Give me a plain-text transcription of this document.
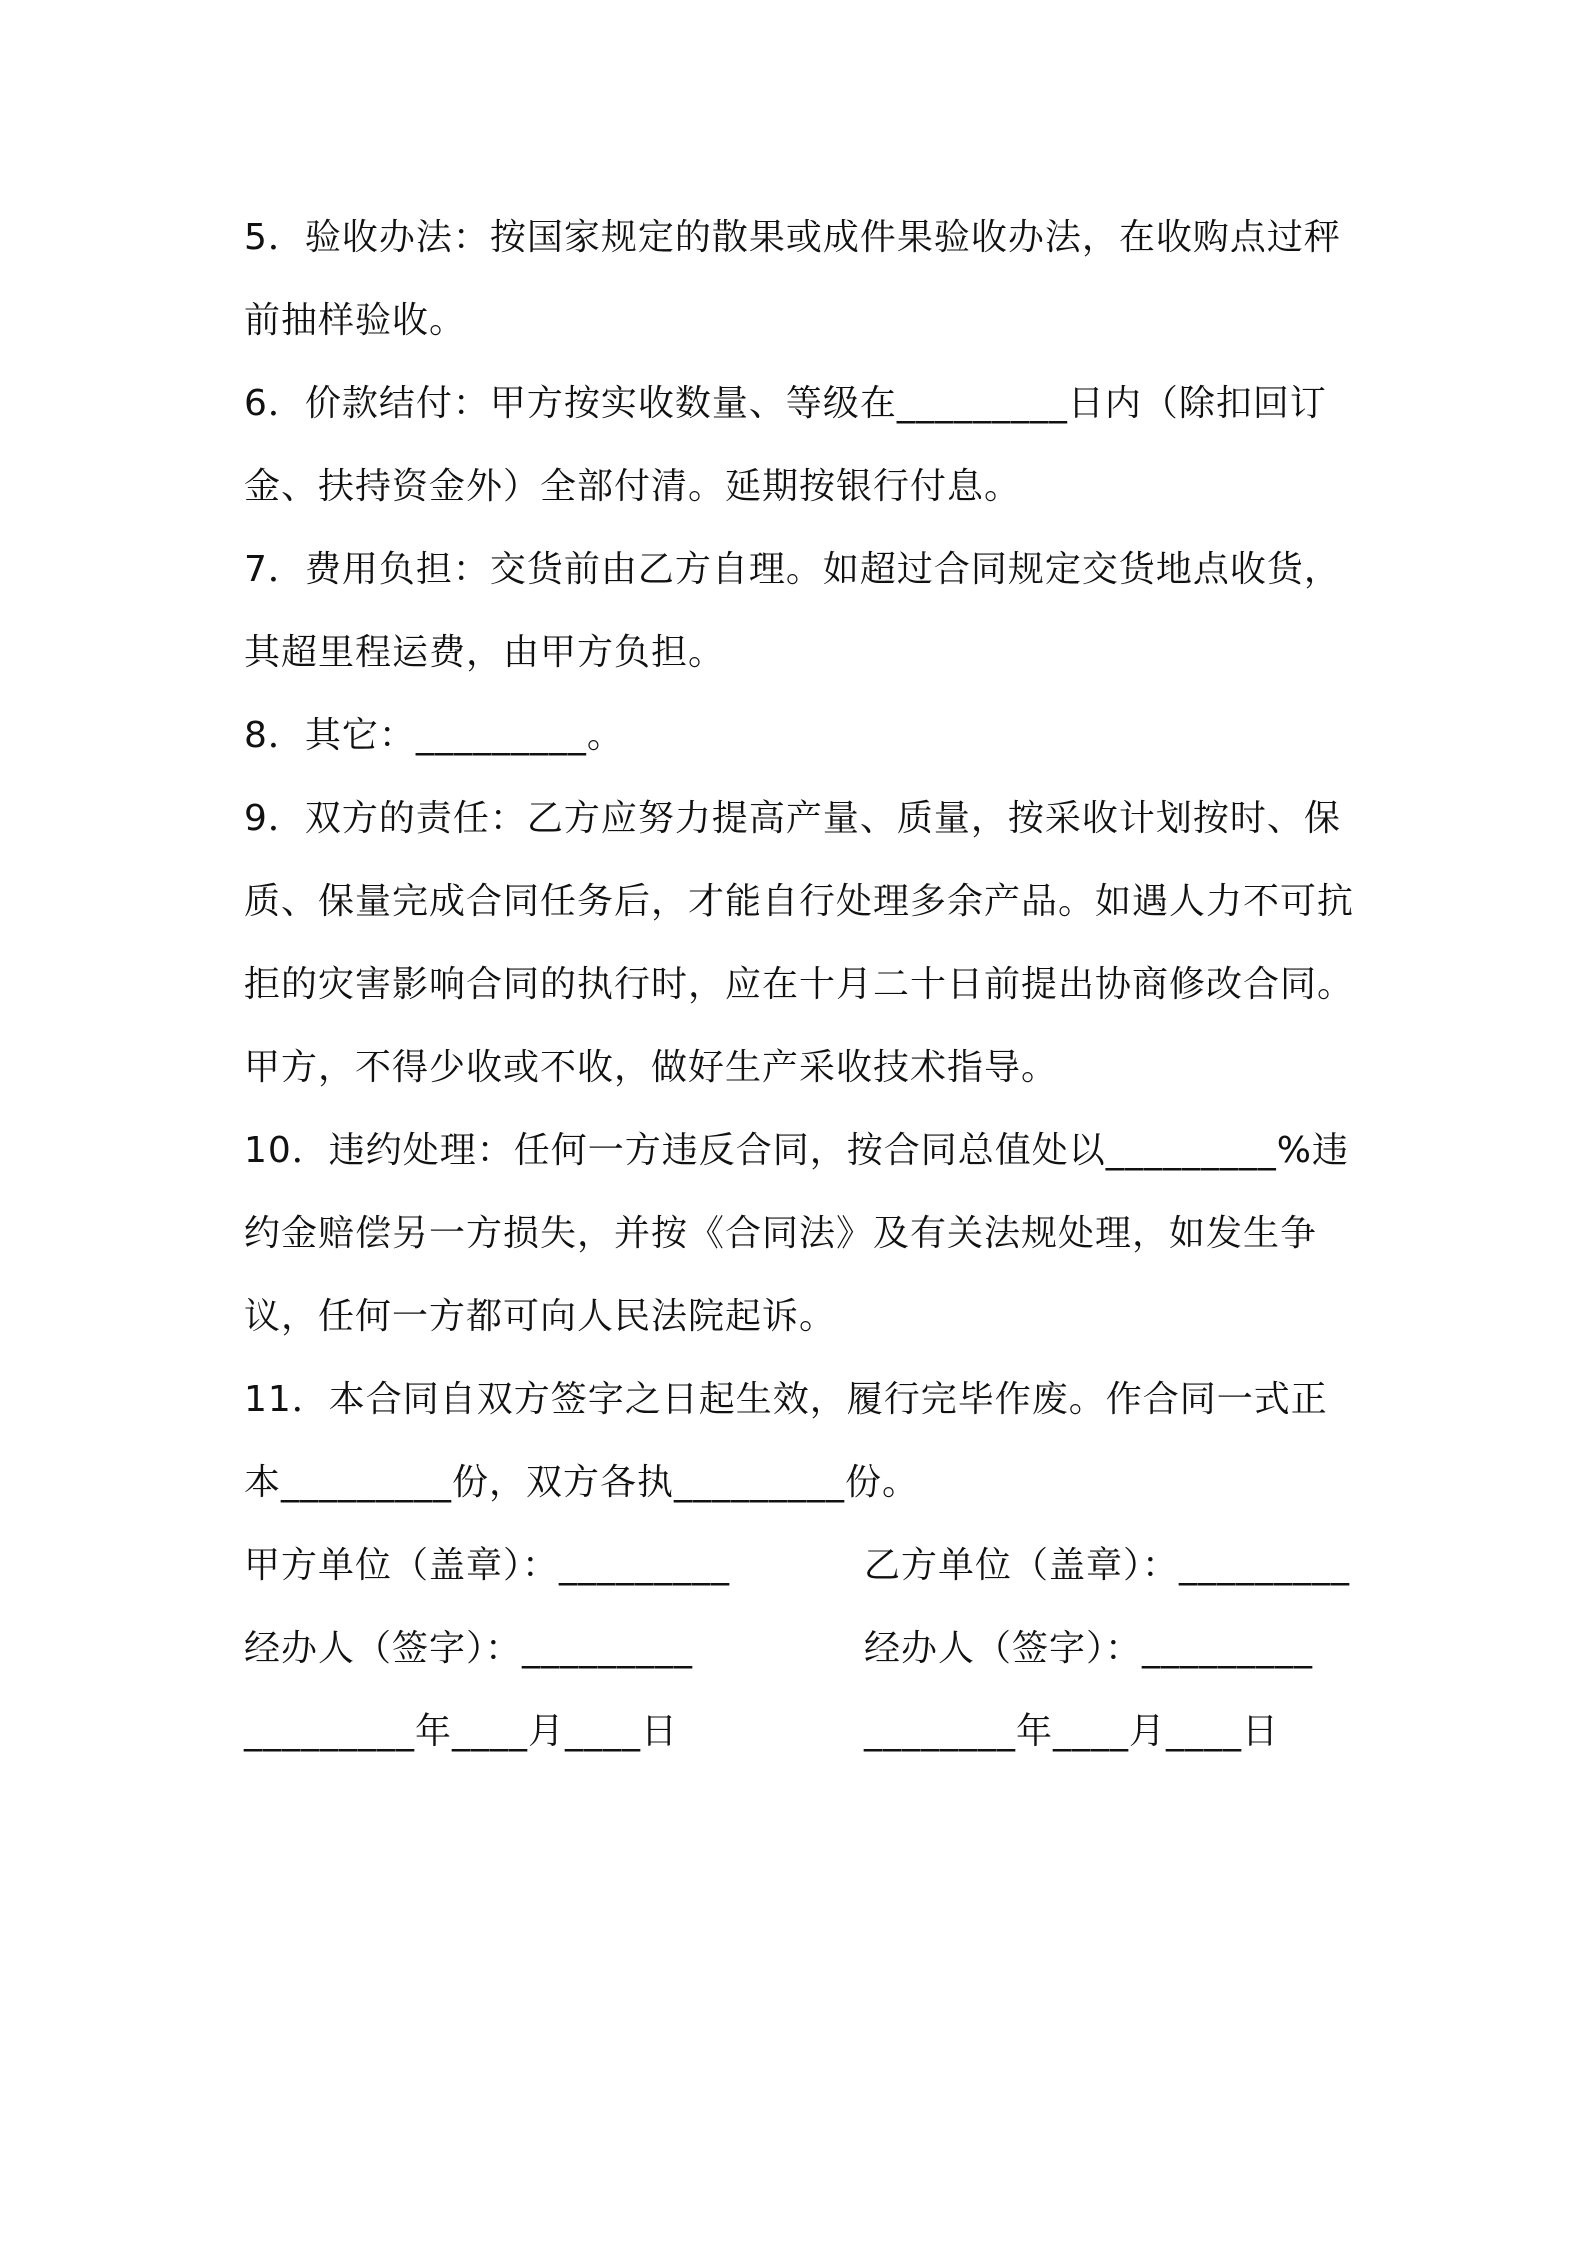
5．验收办法：按国家规定的散果或成件果验收办法，在收购点过秤前抽样验收。

6．价款结付：甲方按实收数量、等级在_________日内（除扣回订金、扶持资金外）全部付清。延期按银行付息。

7．费用负担：交货前由乙方自理。如超过合同规定交货地点收货，其超里程运费，由甲方负担。

8．其它：_________。

9．双方的责任：乙方应努力提高产量、质量，按采收计划按时、保质、保量完成合同任务后，才能自行处理多余产品。如遇人力不可抗拒的灾害影响合同的执行时，应在十月二十日前提出协商修改合同。甲方，不得少收或不收，做好生产采收技术指导。

10．违约处理：任何一方违反合同，按合同总值处以_________%违约金赔偿另一方损失，并按《合同法》及有关法规处理，如发生争议，任何一方都可向人民法院起诉。

11．本合同自双方签字之日起生效，履行完毕作废。作合同一式正本_________份，双方各执_________份。

甲方单位（盖章）：_________	乙方单位（盖章）：_________
经办人（签字）：_________	经办人（签字）：_________
_________年____月____日	________年____月____日
